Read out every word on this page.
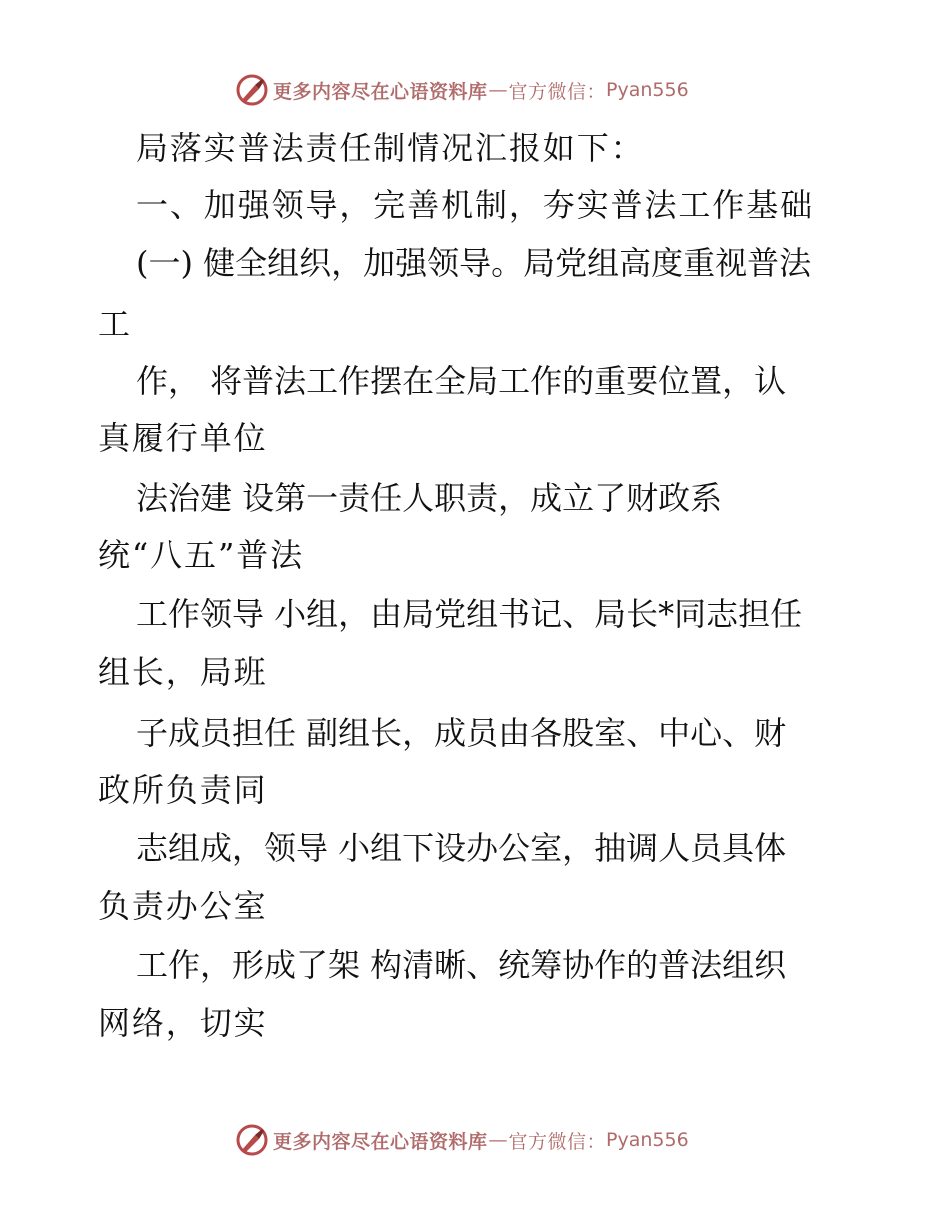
更多内容尽在心语资料库 — 官方微信： Pyan556

局落实普法责任制情况汇报如下：

一、加强领导，完善机制，夯实普法工作基础

(一) 健全组织，加强领导。局党组高度重视普法

工

作， 将普法工作摆在全局工作的重要位置，认

真履行单位

法治建 设第一责任人职责，成立了财政系

统“八五”普法

工作领导 小组，由局党组书记、局长*同志担任

组长，局班

子成员担任 副组长，成员由各股室、中心、财

政所负责同

志组成，领导 小组下设办公室，抽调人员具体

负责办公室

工作，形成了架 构清晰、统筹协作的普法组织

网络，切实

更多内容尽在心语资料库 — 官方微信： Pyan556
